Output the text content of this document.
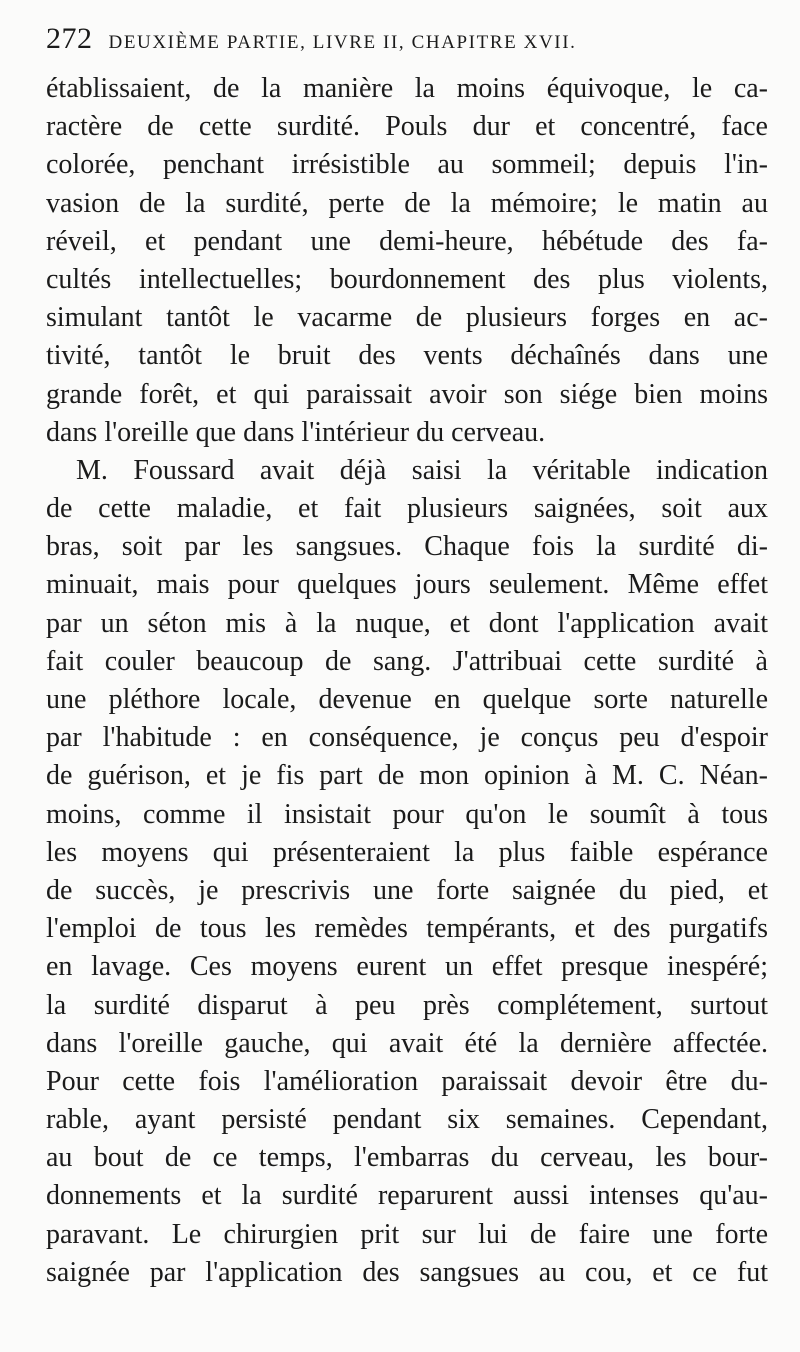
272 DEUXIÈME PARTIE, LIVRE II, CHAPITRE XVII.
établissaient, de la manière la moins équivoque, le ca-
ractère de cette surdité. Pouls dur et concentré, face
colorée, penchant irrésistible au sommeil; depuis l'in-
vasion de la surdité, perte de la mémoire; le matin au
réveil, et pendant une demi-heure, hébétude des fa-
cultés intellectuelles; bourdonnement des plus violents,
simulant tantôt le vacarme de plusieurs forges en ac-
tivité, tantôt le bruit des vents déchaînés dans une
grande forêt, et qui paraissait avoir son siége bien moins
dans l'oreille que dans l'intérieur du cerveau.
M. Foussard avait déjà saisi la véritable indication
de cette maladie, et fait plusieurs saignées, soit aux
bras, soit par les sangsues. Chaque fois la surdité di-
minuait, mais pour quelques jours seulement. Même effet
par un séton mis à la nuque, et dont l'application avait
fait couler beaucoup de sang. J'attribuai cette surdité à
une pléthore locale, devenue en quelque sorte naturelle
par l'habitude : en conséquence, je conçus peu d'espoir
de guérison, et je fis part de mon opinion à M. C. Néan-
moins, comme il insistait pour qu'on le soumît à tous
les moyens qui présenteraient la plus faible espérance
de succès, je prescrivis une forte saignée du pied, et
l'emploi de tous les remèdes tempérants, et des purgatifs
en lavage. Ces moyens eurent un effet presque inespéré;
la surdité disparut à peu près complétement, surtout
dans l'oreille gauche, qui avait été la dernière affectée.
Pour cette fois l'amélioration paraissait devoir être du-
rable, ayant persisté pendant six semaines. Cependant,
au bout de ce temps, l'embarras du cerveau, les bour-
donnements et la surdité reparurent aussi intenses qu'au-
paravant. Le chirurgien prit sur lui de faire une forte
saignée par l'application des sangsues au cou, et ce fut
